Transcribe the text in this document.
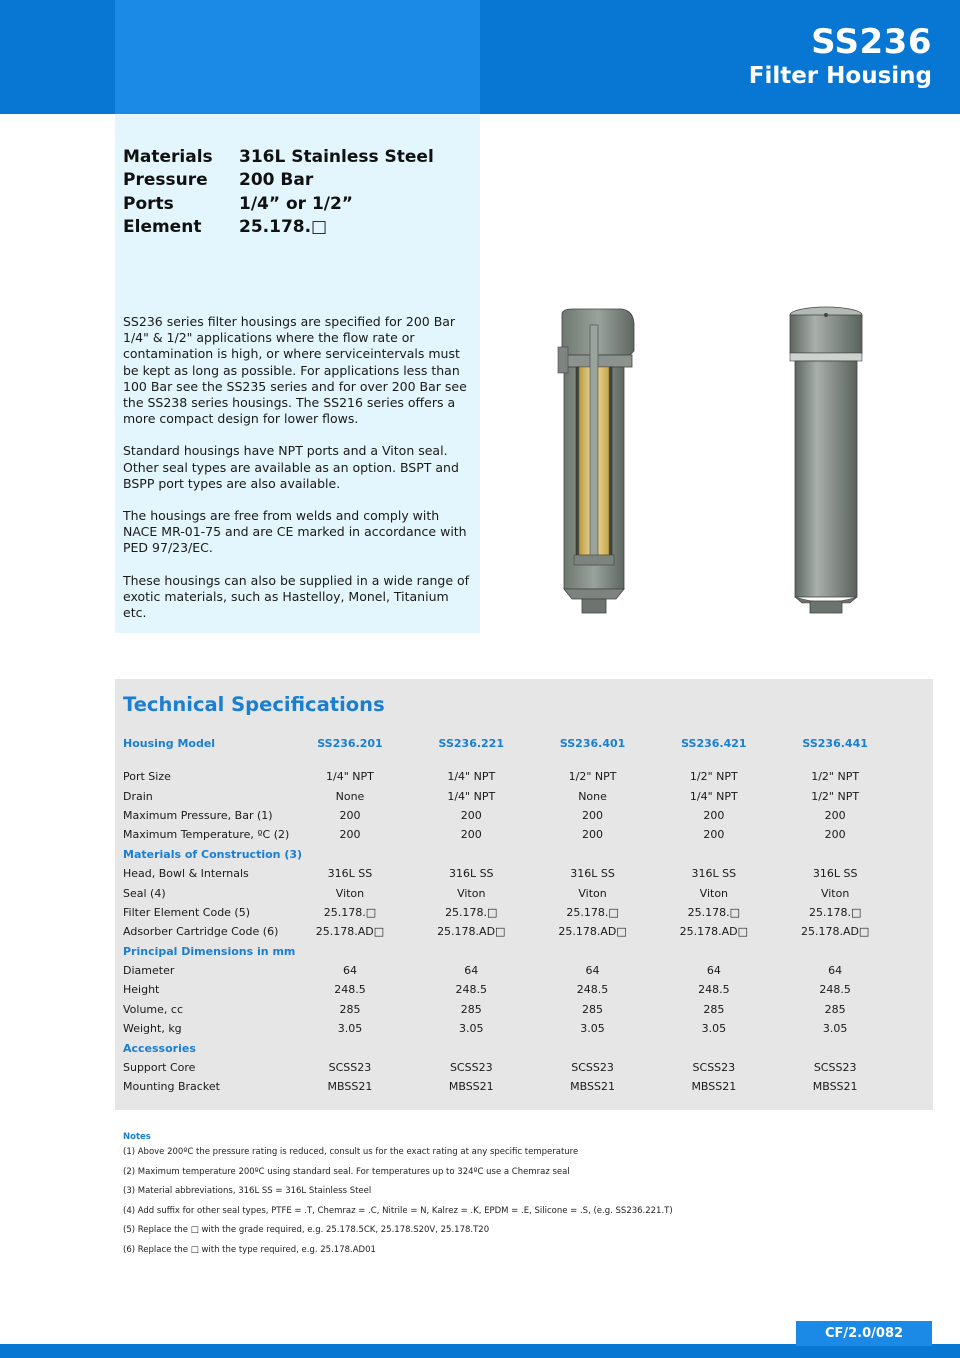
SS236
Filter Housing
Materials	316L Stainless Steel
Pressure	200 Bar
Ports	1/4” or 1/2”
Element	25.178.□

SS236 series filter housings are specified for 200 Bar 1/4" & 1/2" applications where the flow rate or contamination is high, or where serviceintervals must be kept as long as possible. For applications less than 100 Bar see the SS235 series and for over 200 Bar see the SS238 series housings. The SS216 series offers a more compact design for lower flows.

Standard housings have NPT ports and a Viton seal. Other seal types are available as an option. BSPT and BSPP port types are also available.

The housings are free from welds and comply with NACE MR-01-75 and are CE marked in accordance with PED 97/23/EC.

These housings can also be supplied in a wide range of exotic materials, such as Hastelloy, Monel, Titanium etc.

Technical Specifications
Housing Model	SS236.201	SS236.221	SS236.401	SS236.421	SS236.441

Port Size	1/4" NPT	1/4" NPT	1/2" NPT	1/2" NPT	1/2" NPT
Drain	None	1/4" NPT	None	1/4" NPT	1/2" NPT
Maximum Pressure, Bar (1)	200	200	200	200	200
Maximum Temperature, ºC (2)	200	200	200	200	200
Materials of Construction (3)					
Head, Bowl & Internals	316L SS	316L SS	316L SS	316L SS	316L SS
Seal (4)	Viton	Viton	Viton	Viton	Viton
Filter Element Code (5)	25.178.□	25.178.□	25.178.□	25.178.□	25.178.□
Adsorber Cartridge Code (6)	25.178.AD□	25.178.AD□	25.178.AD□	25.178.AD□	25.178.AD□
Principal Dimensions in mm					
Diameter	64	64	64	64	64
Height	248.5	248.5	248.5	248.5	248.5
Volume, cc	285	285	285	285	285
Weight, kg	3.05	3.05	3.05	3.05	3.05
Accessories					
Support Core	SCSS23	SCSS23	SCSS23	SCSS23	SCSS23
Mounting Bracket	MBSS21	MBSS21	MBSS21	MBSS21	MBSS21
Notes
(1) Above 200ºC the pressure rating is reduced, consult us for the exact rating at any specific temperature
(2) Maximum temperature 200ºC using standard seal. For temperatures up to 324ºC use a Chemraz seal
(3) Material abbreviations, 316L SS = 316L Stainless Steel
(4) Add suffix for other seal types, PTFE = .T, Chemraz = .C, Nitrile = N, Kalrez = .K, EPDM = .E, Silicone = .S, (e.g. SS236.221.T)
(5) Replace the □ with the grade required, e.g. 25.178.5CK, 25.178.S20V, 25.178.T20
(6) Replace the □ with the type required, e.g. 25.178.AD01
CF/2.0/082
